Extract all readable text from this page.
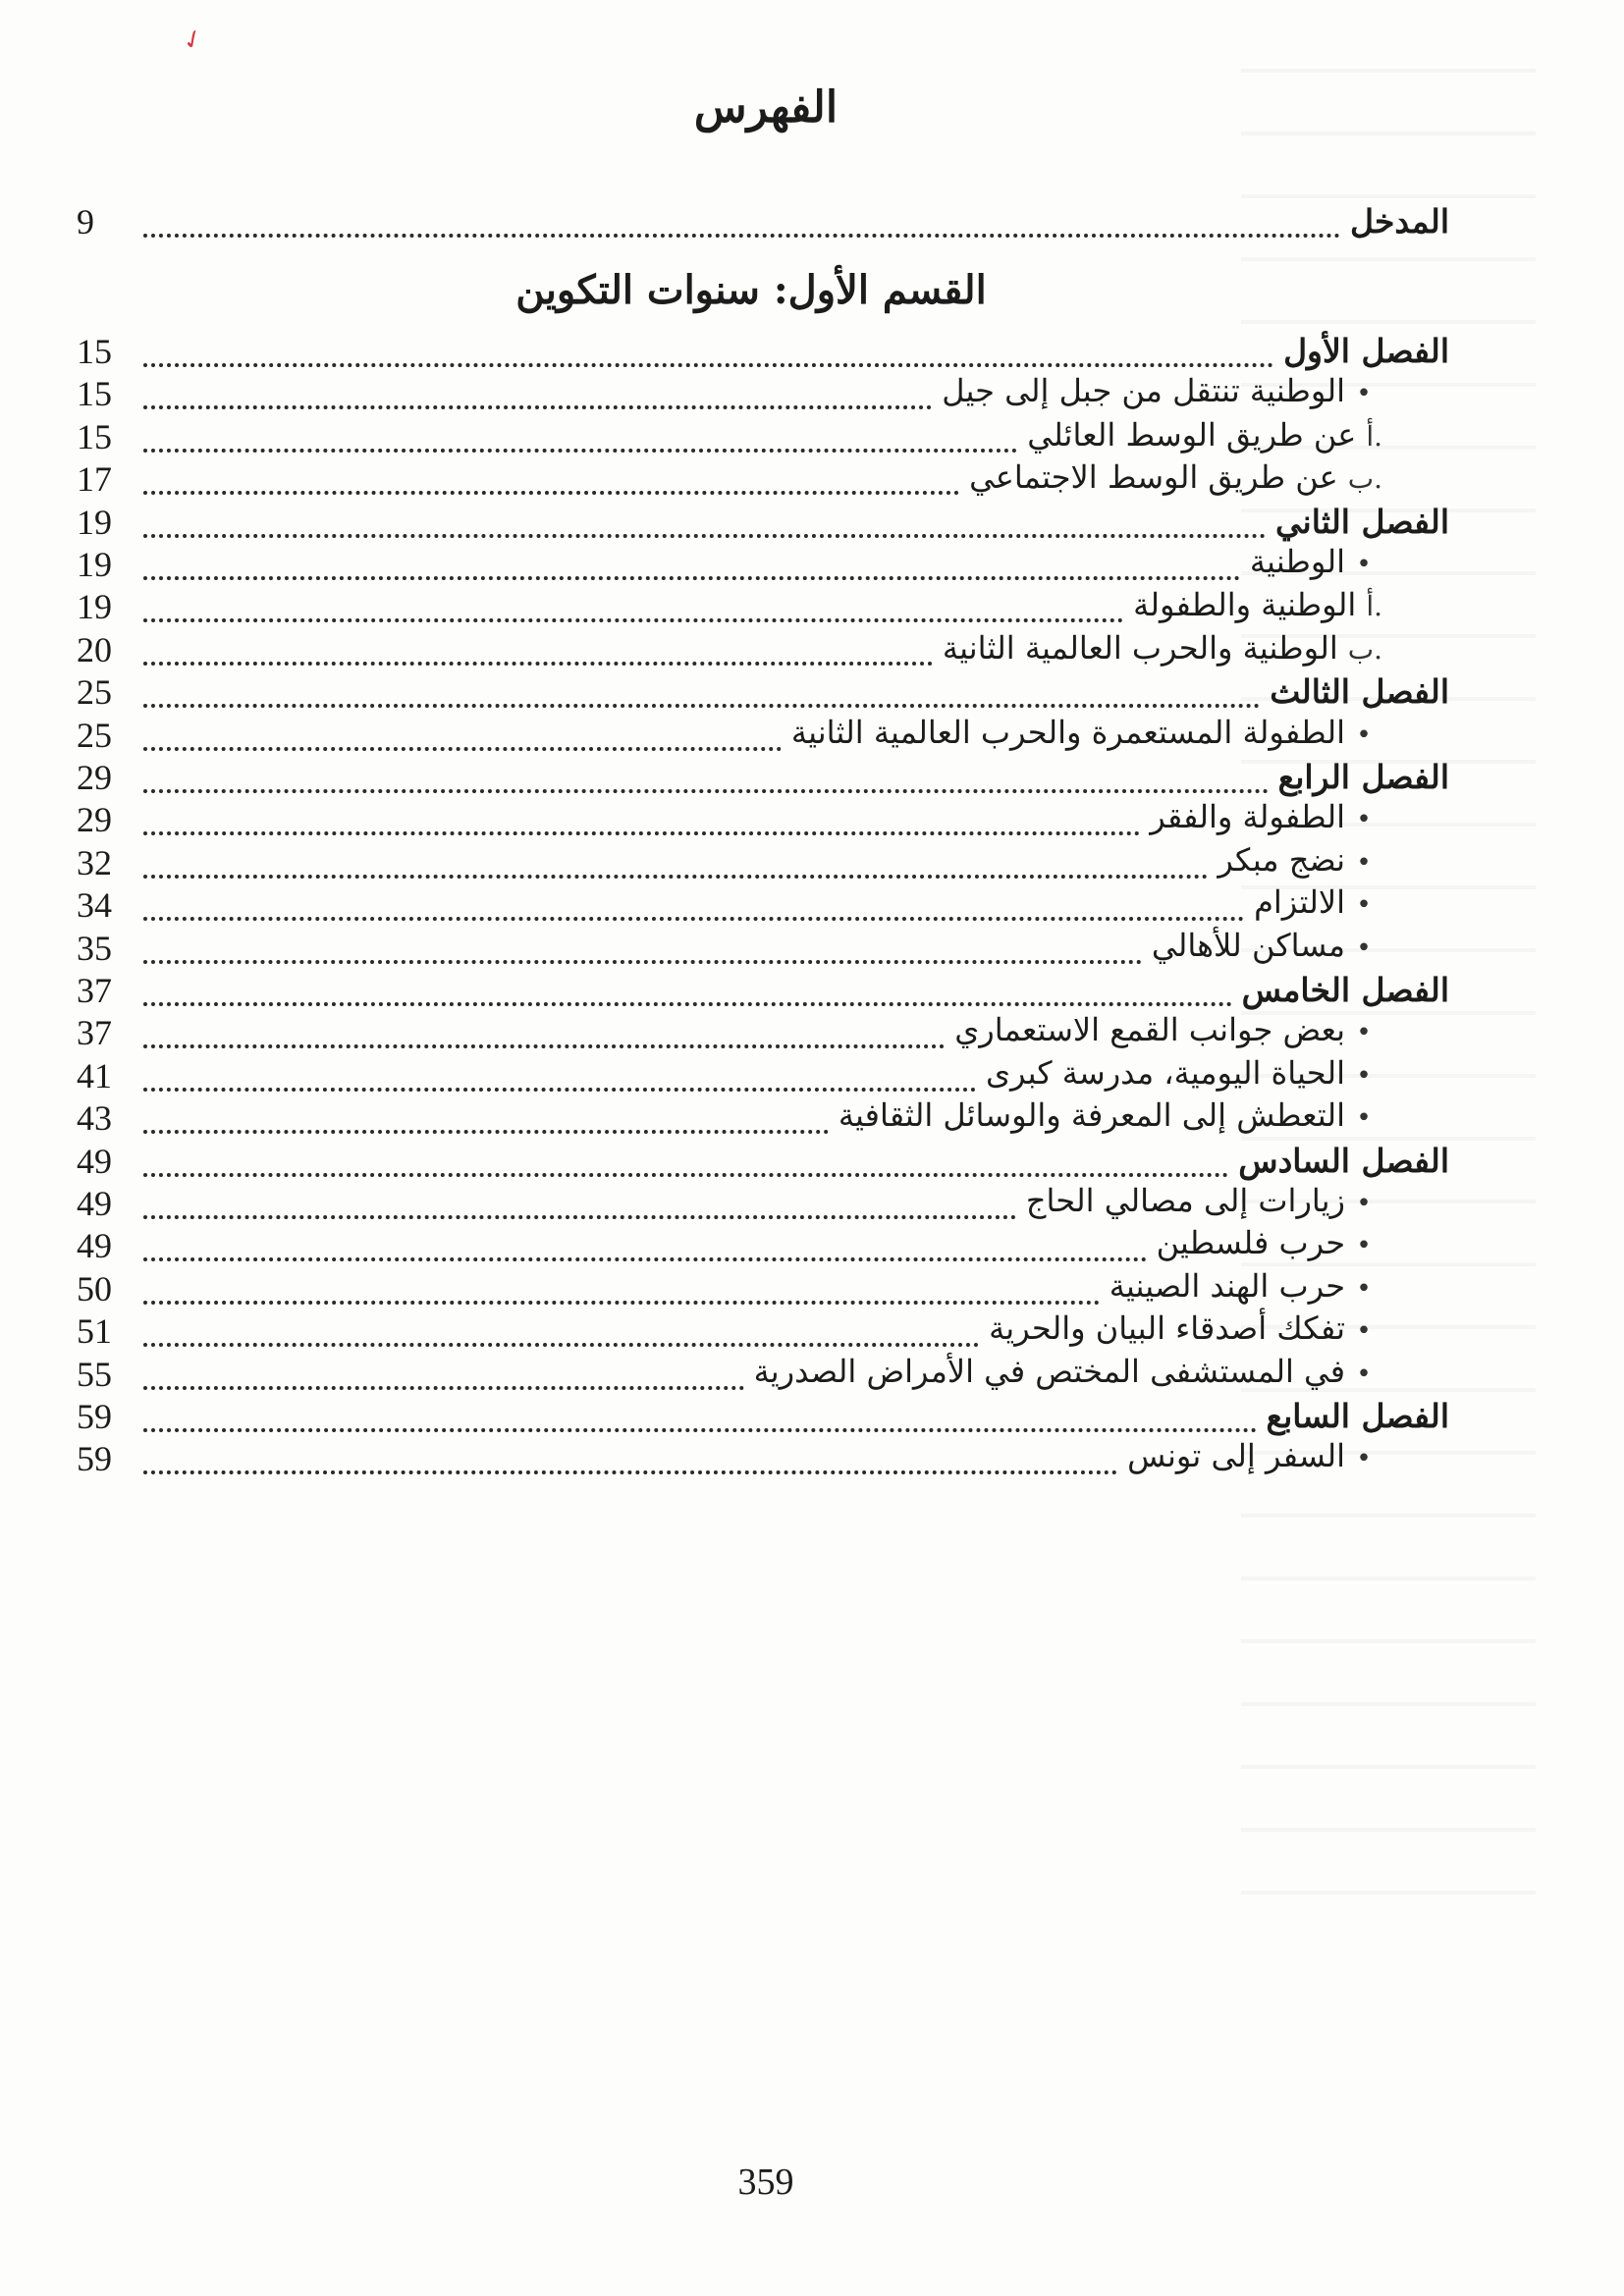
✓
الفهرس
المدخل
9
الفصل الأول
15
•
الوطنية تنتقل من جبل إلى جيل
15
أ.
عن طريق الوسط العائلي
15
ب.
عن طريق الوسط الاجتماعي
17
الفصل الثاني
19
•
الوطنية
19
أ.
الوطنية والطفولة
19
ب.
الوطنية والحرب العالمية الثانية
20
الفصل الثالث
25
•
الطفولة المستعمرة والحرب العالمية الثانية
25
الفصل الرابع
29
•
الطفولة والفقر
29
•
نضج مبكر
32
•
الالتزام
34
•
مساكن للأهالي
35
الفصل الخامس
37
•
بعض جوانب القمع الاستعماري
37
•
الحياة اليومية، مدرسة كبرى
41
•
التعطش إلى المعرفة والوسائل الثقافية
43
الفصل السادس
49
•
زيارات إلى مصالي الحاج
49
•
حرب فلسطين
49
•
حرب الهند الصينية
50
•
تفكك أصدقاء البيان والحرية
51
•
في المستشفى المختص في الأمراض الصدرية
55
الفصل السابع
59
•
السفر إلى تونس
59
القسم الأول: سنوات التكوين
359
